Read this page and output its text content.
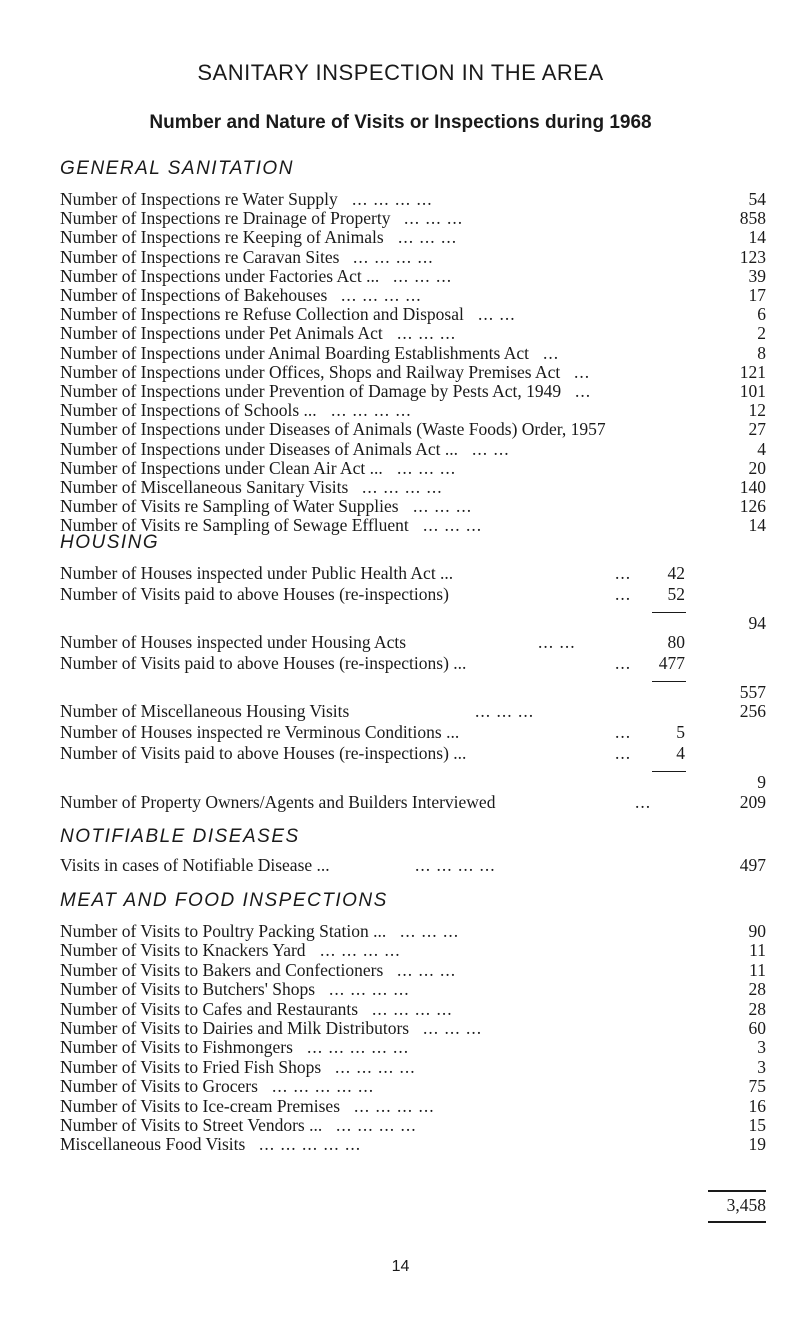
SANITARY INSPECTION IN THE AREA
Number and Nature of Visits or Inspections during 1968
GENERAL SANITATION
Number of Inspections re Water Supply ... ... ... ...	54
Number of Inspections re Drainage of Property ... ... ...	858
Number of Inspections re Keeping of Animals ... ... ...	14
Number of Inspections re Caravan Sites ... ... ... ...	123
Number of Inspections under Factories Act ... ... ... ...	39
Number of Inspections of Bakehouses ... ... ... ...	17
Number of Inspections re Refuse Collection and Disposal ... ...	6
Number of Inspections under Pet Animals Act ... ... ...	2
Number of Inspections under Animal Boarding Establishments Act ...	8
Number of Inspections under Offices, Shops and Railway Premises Act ...	121
Number of Inspections under Prevention of Damage by Pests Act, 1949 ...	101
Number of Inspections of Schools ... ... ... ... ...	12
Number of Inspections under Diseases of Animals (Waste Foods) Order, 1957	27
Number of Inspections under Diseases of Animals Act ... ... ...	4
Number of Inspections under Clean Air Act ... ... ... ...	20
Number of Miscellaneous Sanitary Visits ... ... ... ...	140
Number of Visits re Sampling of Water Supplies ... ... ...	126
Number of Visits re Sampling of Sewage Effluent ... ... ...	14
HOUSING
Number of Houses inspected under Public Health Act ...	...	42
Number of Visits paid to above Houses (re-inspections)	...	52
94
Number of Houses inspected under Housing Acts	... ...	80
Number of Visits paid to above Houses (re-inspections) ...	...	477
557
Number of Miscellaneous Housing Visits	... ... ...	256
Number of Houses inspected re Verminous Conditions ...	...	5
Number of Visits paid to above Houses (re-inspections) ...	...	4
9
Number of Property Owners/Agents and Builders Interviewed	...	209
NOTIFIABLE DISEASES
Visits in cases of Notifiable Disease ...	... ... ... ...	497
MEAT AND FOOD INSPECTIONS
Number of Visits to Poultry Packing Station ... ... ... ...	90
Number of Visits to Knackers Yard ... ... ... ...	11
Number of Visits to Bakers and Confectioners ... ... ...	11
Number of Visits to Butchers' Shops ... ... ... ...	28
Number of Visits to Cafes and Restaurants ... ... ... ...	28
Number of Visits to Dairies and Milk Distributors ... ... ...	60
Number of Visits to Fishmongers ... ... ... ... ...	3
Number of Visits to Fried Fish Shops ... ... ... ...	3
Number of Visits to Grocers ... ... ... ... ...	75
Number of Visits to Ice-cream Premises ... ... ... ...	16
Number of Visits to Street Vendors ... ... ... ... ...	15
Miscellaneous Food Visits ... ... ... ... ...	19
3,458
14
